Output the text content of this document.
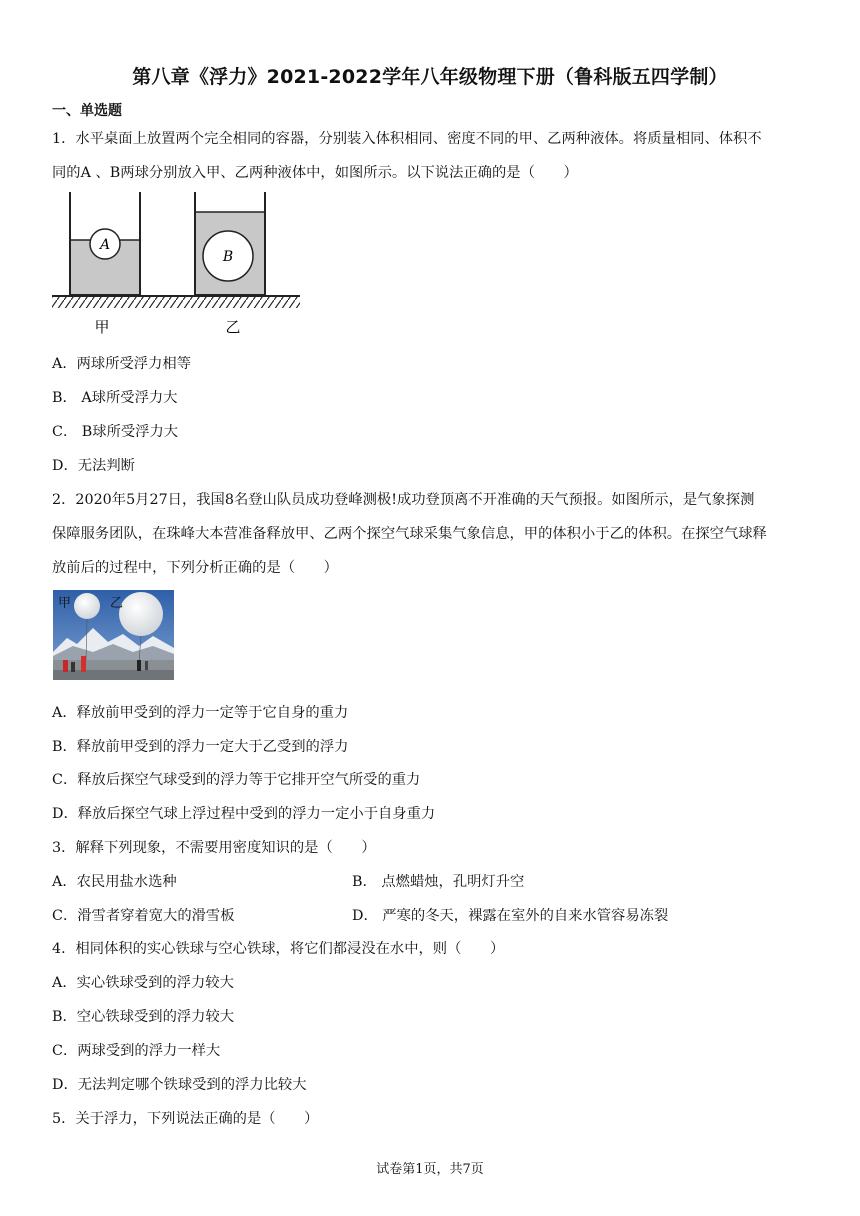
第八章《浮力》2021-2022学年八年级物理下册（鲁科版五四学制）
一、单选题
1．水平桌面上放置两个完全相同的容器，分别装入体积相同、密度不同的甲、乙两种液体。将质量相同、体积不
同的A 、B两球分别放入甲、乙两种液体中，如图所示。以下说法正确的是（　　）
A
B
甲	乙
A．两球所受浮力相等
B． A球所受浮力大
C． B球所受浮力大
D．无法判断
2．2020年5月27日，我国8名登山队员成功登峰测极!成功登顶离不开准确的天气预报。如图所示，是气象探测
保障服务团队，在珠峰大本营准备释放甲、乙两个探空气球采集气象信息，甲的体积小于乙的体积。在探空气球释
放前后的过程中，下列分析正确的是（　　）
甲	乙
A．释放前甲受到的浮力一定等于它自身的重力
B．释放前甲受到的浮力一定大于乙受到的浮力
C．释放后探空气球受到的浮力等于它排开空气所受的重力
D．释放后探空气球上浮过程中受到的浮力一定小于自身重力
3．解释下列现象，不需要用密度知识的是（　　）
A．农民用盐水选种	B． 点燃蜡烛，孔明灯升空
C．滑雪者穿着宽大的滑雪板	D． 严寒的冬天，裸露在室外的自来水管容易冻裂
4．相同体积的实心铁球与空心铁球，将它们都浸没在水中，则（　　）
A．实心铁球受到的浮力较大
B．空心铁球受到的浮力较大
C．两球受到的浮力一样大
D．无法判定哪个铁球受到的浮力比较大
5．关于浮力，下列说法正确的是（　　）
试卷第1页，共7页
